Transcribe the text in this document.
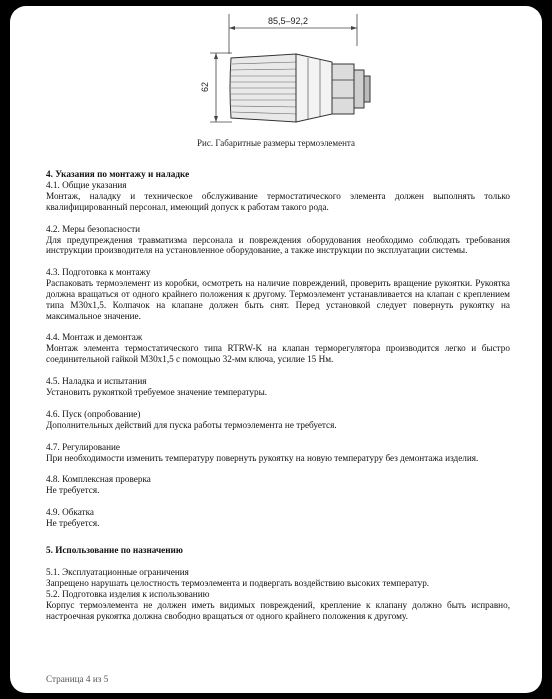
85,5–92,2
62
Рис. Габаритные размеры термоэлемента
4. Указания по монтажу и наладке
4.1. Общие указания
Монтаж, наладку и техническое обслуживание термостатического элемента должен выполнять только квалифицированный персонал, имеющий допуск к работам такого рода.
4.2. Меры безопасности
Для предупреждения травматизма персонала и повреждения оборудования необходимо соблюдать требования инструкции производителя на установленное оборудование, а также инструкции по эксплуатации системы.
4.3. Подготовка к монтажу
Распаковать термоэлемент из коробки, осмотреть на наличие повреждений, проверить вращение рукоятки. Рукоятка должна вращаться от одного крайнего положения к другому. Термоэлемент устанавливается на клапан с креплением типа М30х1,5. Колпачок на клапане должен быть снят. Перед установкой следует повернуть рукоятку на максимальное значение.
4.4. Монтаж и демонтаж
Монтаж элемента термостатического типа RTRW-K на клапан терморегулятора производится легко и быстро соединительной гайкой М30х1,5 с помощью 32-мм ключа, усилие 15 Нм.
4.5. Наладка и испытания
Установить рукояткой требуемое значение температуры.
4.6. Пуск (опробование)
Дополнительных действий для пуска работы термоэлемента не требуется.
4.7. Регулирование
При необходимости изменить температуру повернуть рукоятку на новую температуру без демонтажа изделия.
4.8. Комплексная проверка
Не требуется.
4.9. Обкатка
Не требуется.
5. Использование по назначению
5.1. Эксплуатационные ограничения
Запрещено нарушать целостность термоэлемента и подвергать воздействию высоких температур.
5.2. Подготовка изделия к использованию
Корпус термоэлемента не должен иметь видимых повреждений, крепление к клапану должно быть исправно, настроечная рукоятка должна свободно вращаться от одного крайнего положения к другому.
Страница 4 из 5
